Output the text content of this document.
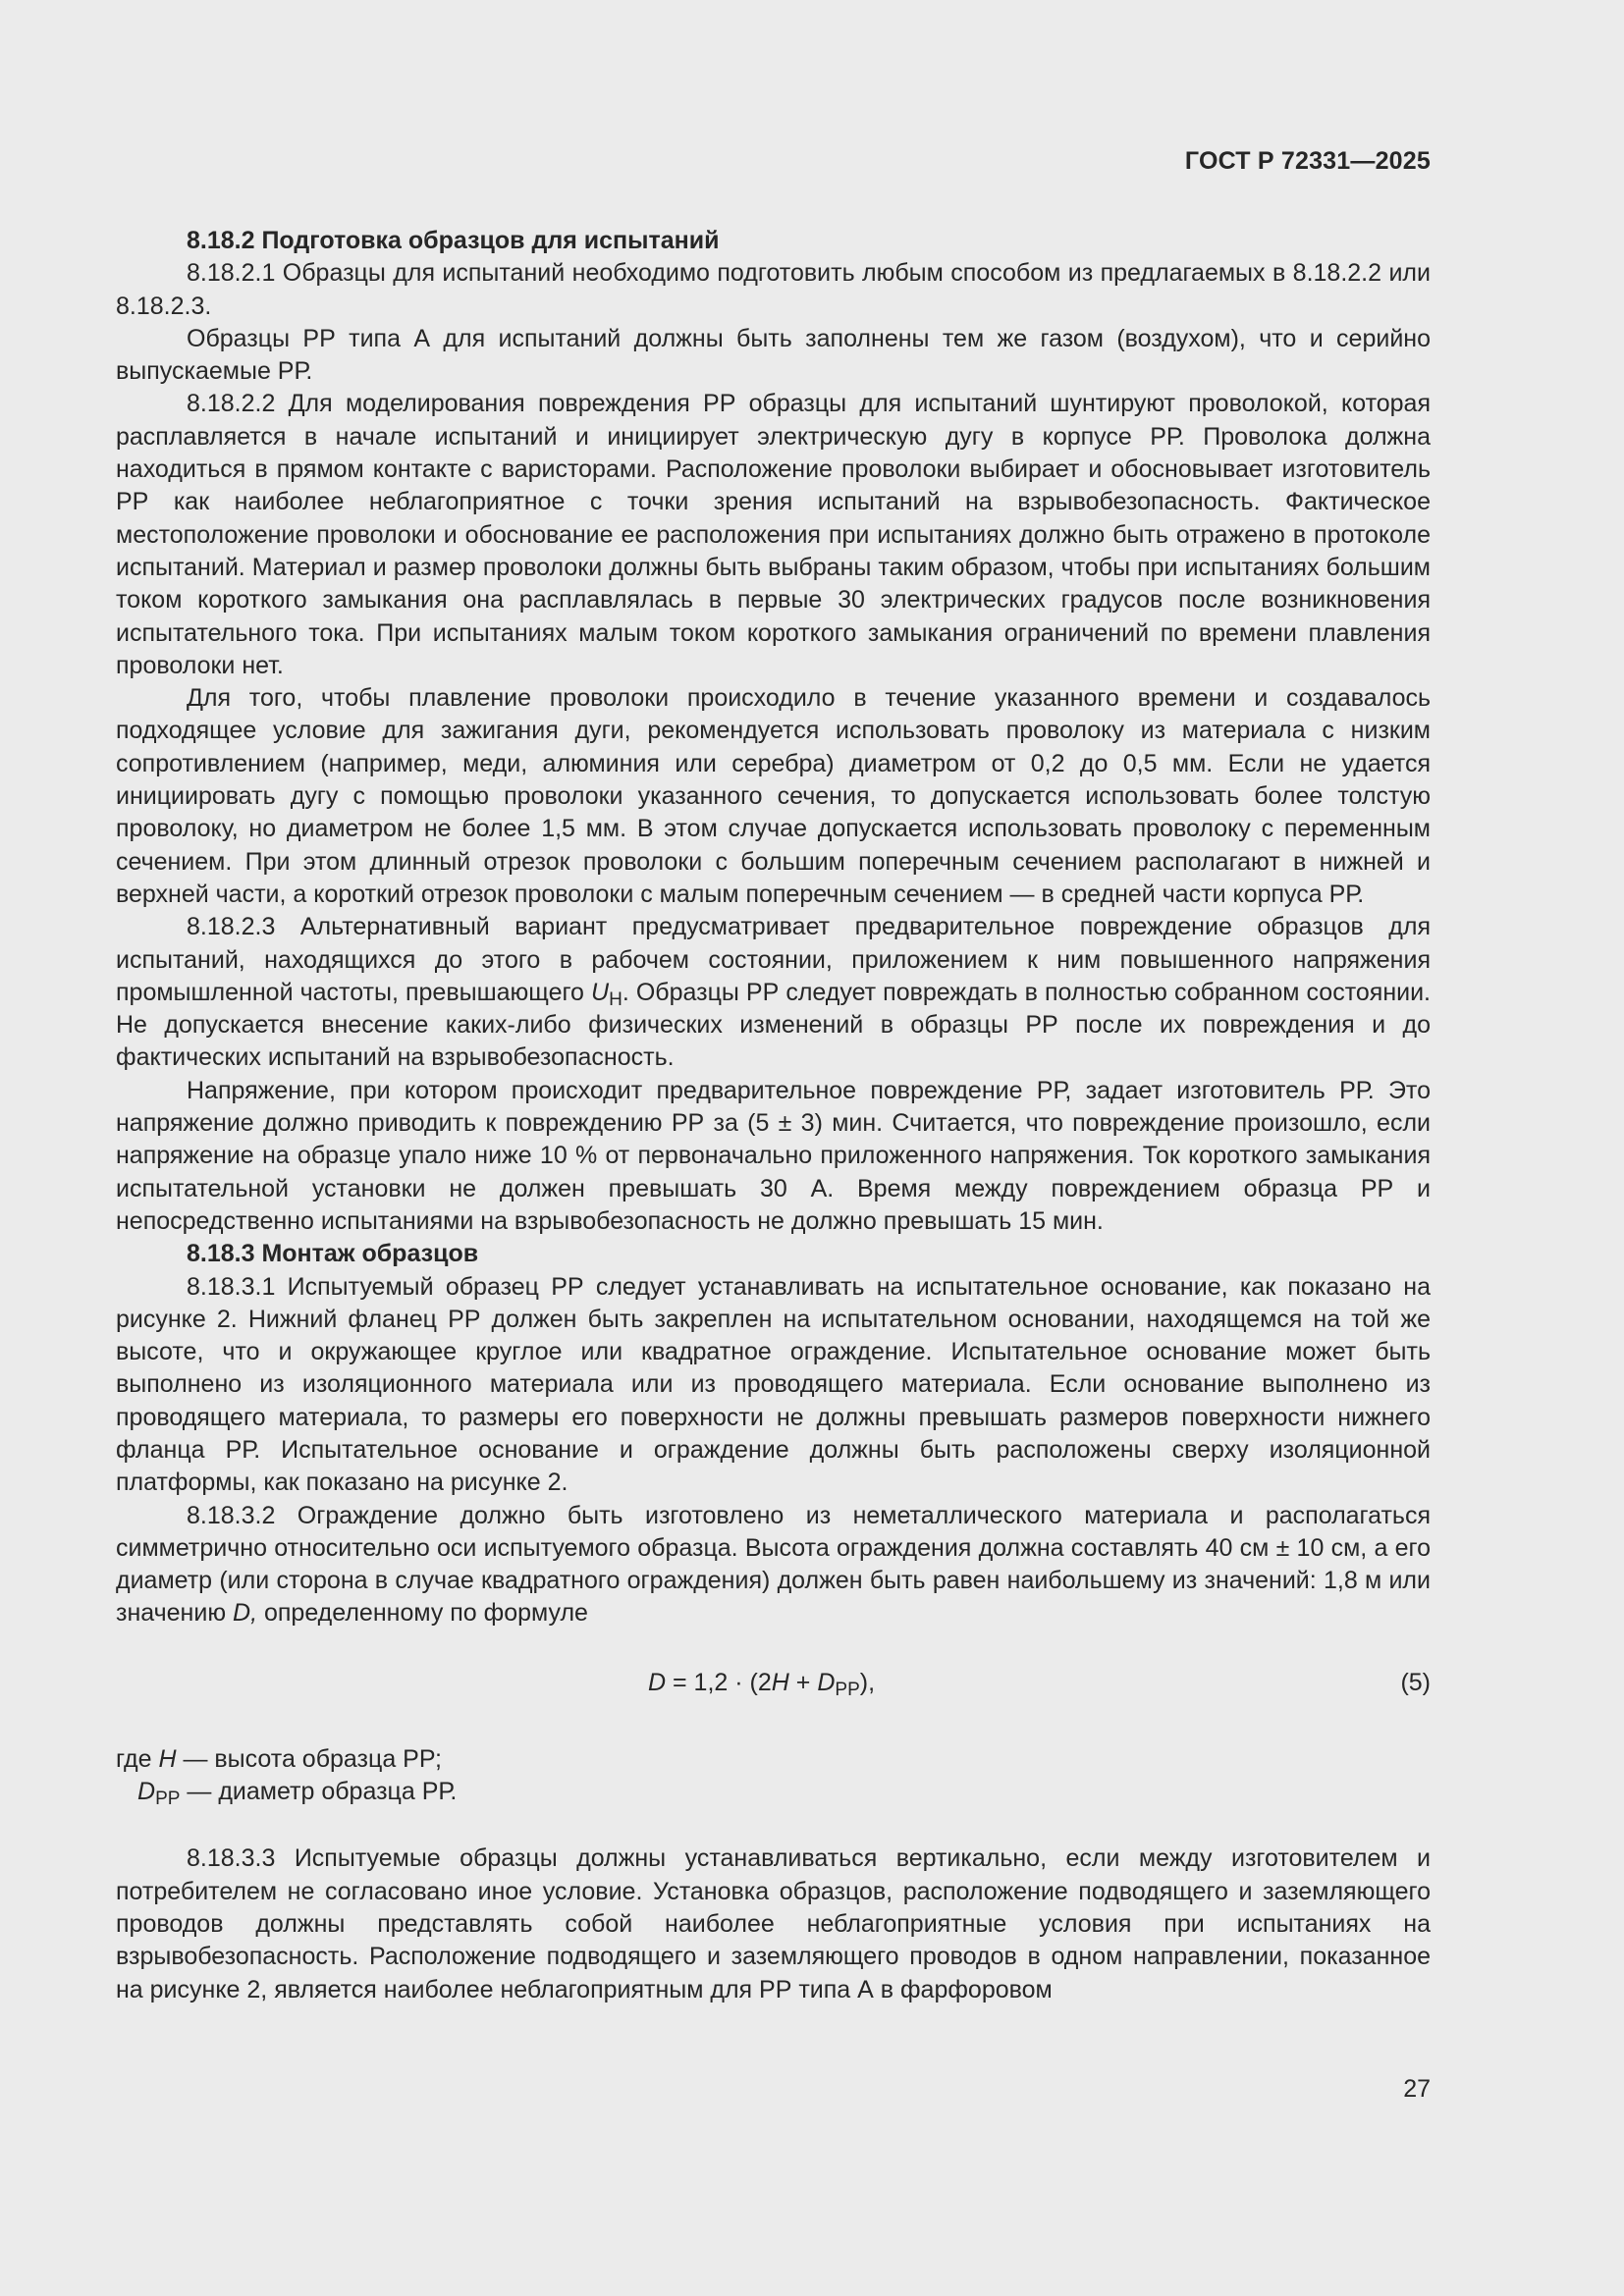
ГОСТ Р 72331—2025

8.18.2 Подготовка образцов для испытаний

8.18.2.1 Образцы для испытаний необходимо подготовить любым способом из предлагаемых в 8.18.2.2 или 8.18.2.3.

Образцы РР типа А для испытаний должны быть заполнены тем же газом (воздухом), что и серийно выпускаемые РР.

8.18.2.2 Для моделирования повреждения РР образцы для испытаний шунтируют проволокой, которая расплавляется в начале испытаний и инициирует электрическую дугу в корпусе РР. Проволока должна находиться в прямом контакте с варисторами. Расположение проволоки выбирает и обосновывает изготовитель РР как наиболее неблагоприятное с точки зрения испытаний на взрывобезопасность. Фактическое местоположение проволоки и обоснование ее расположения при испытаниях должно быть отражено в протоколе испытаний. Материал и размер проволоки должны быть выбраны таким образом, чтобы при испытаниях большим током короткого замыкания она расплавлялась в первые 30 электрических градусов после возникновения испытательного тока. При испытаниях малым током короткого замыкания ограничений по времени плавления проволоки нет.

Для того, чтобы плавление проволоки происходило в течение указанного времени и создавалось подходящее условие для зажигания дуги, рекомендуется использовать проволоку из материала с низким сопротивлением (например, меди, алюминия или серебра) диаметром от 0,2 до 0,5 мм. Если не удается инициировать дугу с помощью проволоки указанного сечения, то допускается использовать более толстую проволоку, но диаметром не более 1,5 мм. В этом случае допускается использовать проволоку с переменным сечением. При этом длинный отрезок проволоки с большим поперечным сечением располагают в нижней и верхней части, а короткий отрезок проволоки с малым поперечным сечением — в средней части корпуса РР.

8.18.2.3 Альтернативный вариант предусматривает предварительное повреждение образцов для испытаний, находящихся до этого в рабочем состоянии, приложением к ним повышенного напряжения промышленной частоты, превышающего $U_Н$. Образцы РР следует повреждать в полностью собранном состоянии. Не допускается внесение каких-либо физических изменений в образцы РР после их повреждения и до фактических испытаний на взрывобезопасность.

Напряжение, при котором происходит предварительное повреждение РР, задает изготовитель РР. Это напряжение должно приводить к повреждению РР за (5 ± 3) мин. Считается, что повреждение произошло, если напряжение на образце упало ниже 10 % от первоначально приложенного напряжения. Ток короткого замыкания испытательной установки не должен превышать 30 А. Время между повреждением образца РР и непосредственно испытаниями на взрывобезопасность не должно превышать 15 мин.

8.18.3 Монтаж образцов

8.18.3.1 Испытуемый образец РР следует устанавливать на испытательное основание, как показано на рисунке 2. Нижний фланец РР должен быть закреплен на испытательном основании, находящемся на той же высоте, что и окружающее круглое или квадратное ограждение. Испытательное основание может быть выполнено из изоляционного материала или из проводящего материала. Если основание выполнено из проводящего материала, то размеры его поверхности не должны превышать размеров поверхности нижнего фланца РР. Испытательное основание и ограждение должны быть расположены сверху изоляционной платформы, как показано на рисунке 2.

8.18.3.2 Ограждение должно быть изготовлено из неметаллического материала и располагаться симметрично относительно оси испытуемого образца. Высота ограждения должна составлять 40 см ± 10 см, а его диаметр (или сторона в случае квадратного ограждения) должен быть равен наибольшему из значений: 1,8 м или значению D, определенному по формуле

$D = 1,2 \cdot (2H + D_{РР})$,	(5)

где H — высота образца РР;

$D_{РР}$ — диаметр образца РР.

8.18.3.3 Испытуемые образцы должны устанавливаться вертикально, если между изготовителем и потребителем не согласовано иное условие. Установка образцов, расположение подводящего и заземляющего проводов должны представлять собой наиболее неблагоприятные условия при испытаниях на взрывобезопасность. Расположение подводящего и заземляющего проводов в одном направлении, показанное на рисунке 2, является наиболее неблагоприятным для РР типа А в фарфоровом

27
